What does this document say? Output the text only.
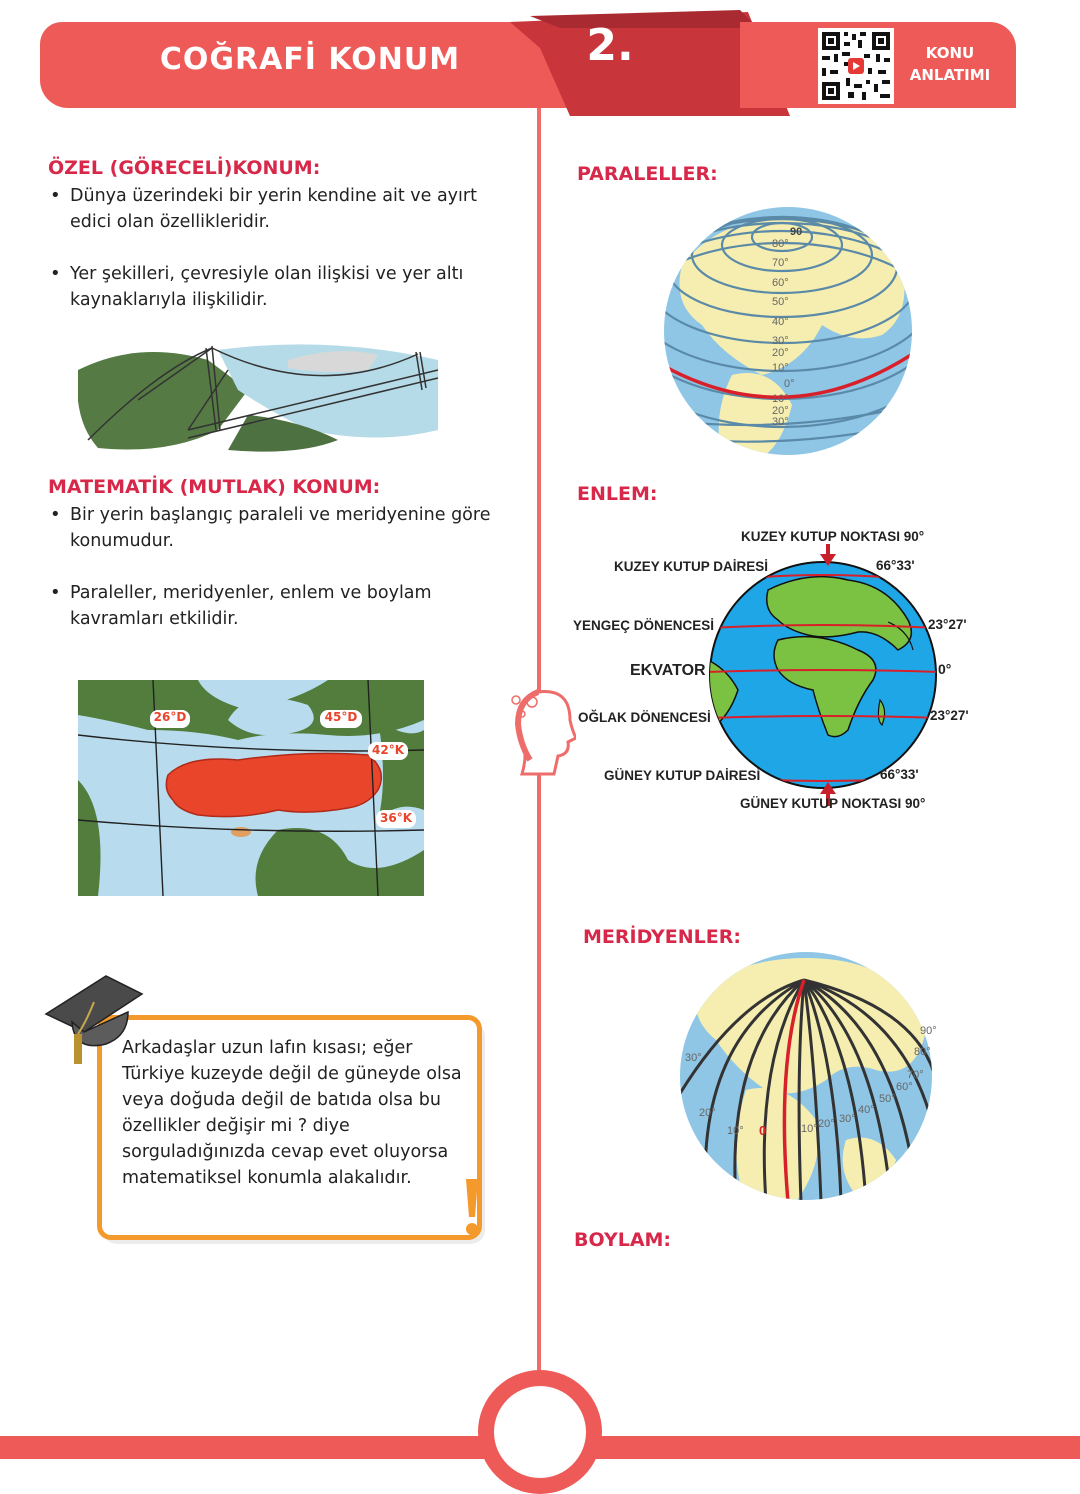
COĞRAFİ KONUM	2.	KONU
ANLATIMI
ÖZEL (GÖRECELİ)KONUM:
• Dünya üzerindeki bir yerin kendine ait ve ayırt edici olan özellikleridir.
• Yer şekilleri, çevresiyle olan ilişkisi ve yer altı kaynaklarıyla ilişkilidir.
MATEMATİK (MUTLAK) KONUM:
• Bir yerin başlangıç paraleli ve meridyenine göre konumudur.
• Paraleller, meridyenler, enlem ve boylam kavramları etkilidir.
26°D	45°D
42°K
36°K
Arkadaşlar uzun lafın kısası; eğer Türkiye kuzeyde değil de güneyde olsa veya doğuda değil de batıda olsa bu özellikler değişir mi ? diye sorguladığınızda cevap evet oluyorsa matematiksel konumla alakalıdır.
PARALELLER:
90
80°
70°
60°
50°
40°
30°
20°
10°
0°
10°
20°
30°
ENLEM:
KUZEY KUTUP NOKTASI 90°
KUZEY KUTUP DAİRESİ	66°33'
YENGEÇ DÖNENCESİ	23°27'
EKVATOR	0°
OĞLAK DÖNENCESİ	23°27'
GÜNEY KUTUP DAİRESİ	66°33'
GÜNEY KUTUP NOKTASI 90°
MERİDYENLER:
30°
20°
10° 0	10° 20° 30°
40°
50°
60°
70°
80°
90°
BOYLAM:
